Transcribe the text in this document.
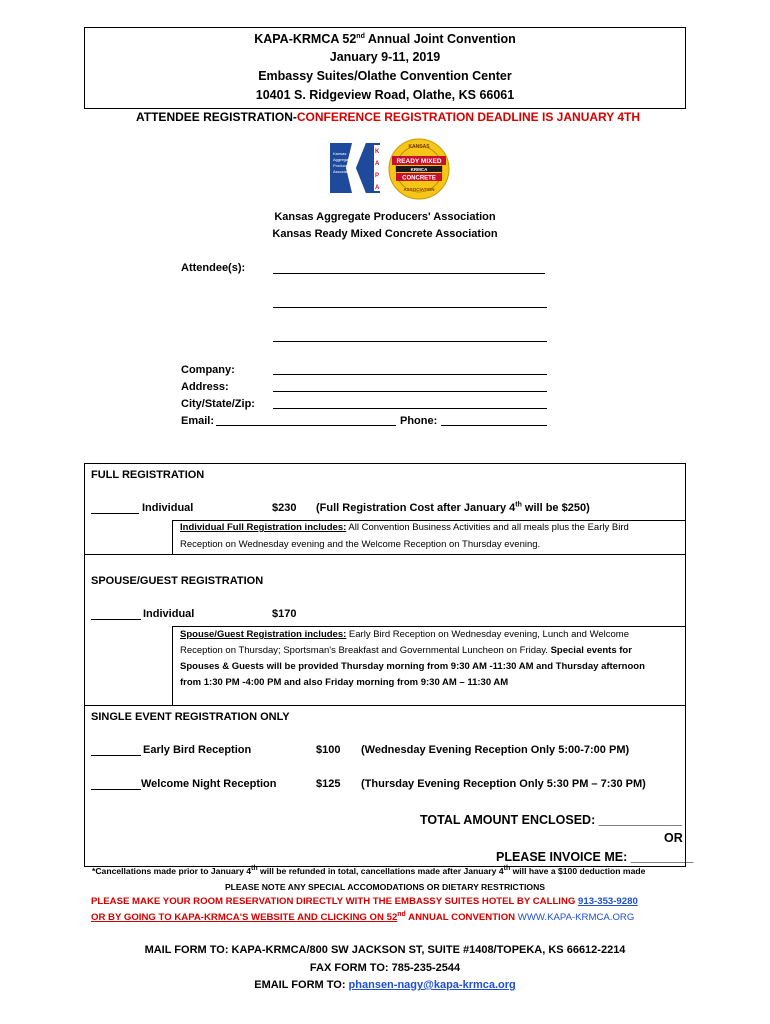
KAPA-KRMCA 52nd Annual Joint Convention
January 9-11, 2019
Embassy Suites/Olathe Convention Center
10401 S. Ridgeview Road, Olathe, KS 66061
ATTENDEE REGISTRATION-CONFERENCE REGISTRATION DEADLINE IS JANUARY 4TH
Kansas
Aggregate
Producers'
Association
K
A
P
A
KANSAS
READY MIXED
KRMCA
CONCRETE
ASSOCIATION
Kansas Aggregate Producers' Association
Kansas Ready Mixed Concrete Association
Attendee(s):
Company:
Address:
City/State/Zip:
Email:	Phone:
FULL REGISTRATION
Individual	$230 (Full Registration Cost after January 4th will be $250)
Individual Full Registration includes: All Convention Business Activities and all meals plus the Early Bird
Reception on Wednesday evening and the Welcome Reception on Thursday evening.
SPOUSE/GUEST REGISTRATION
Individual	$170
Spouse/Guest Registration includes: Early Bird Reception on Wednesday evening, Lunch and Welcome
Reception on Thursday; Sportsman's Breakfast and Governmental Luncheon on Friday. Special events for
Spouses & Guests will be provided Thursday morning from 9:30 AM -11:30 AM and Thursday afternoon
from 1:30 PM -4:00 PM and also Friday morning from 9:30 AM – 11:30 AM
SINGLE EVENT REGISTRATION ONLY
Early Bird Reception	$100 (Wednesday Evening Reception Only 5:00-7:00 PM)
Welcome Night Reception	$125 (Thursday Evening Reception Only 5:30 PM – 7:30 PM)
TOTAL AMOUNT ENCLOSED: ____________
OR
PLEASE INVOICE ME: _________
*Cancellations made prior to January 4th will be refunded in total, cancellations made after January 4th will have a $100 deduction made
PLEASE NOTE ANY SPECIAL ACCOMODATIONS OR DIETARY RESTRICTIONS
PLEASE MAKE YOUR ROOM RESERVATION DIRECTLY WITH THE EMBASSY SUITES HOTEL BY CALLING 913-353-9280
OR BY GOING TO KAPA-KRMCA'S WEBSITE AND CLICKING ON 52nd ANNUAL CONVENTION WWW.KAPA-KRMCA.ORG
MAIL FORM TO: KAPA-KRMCA/800 SW JACKSON ST, SUITE #1408/TOPEKA, KS 66612-2214
FAX FORM TO: 785-235-2544
EMAIL FORM TO: phansen-nagy@kapa-krmca.org
